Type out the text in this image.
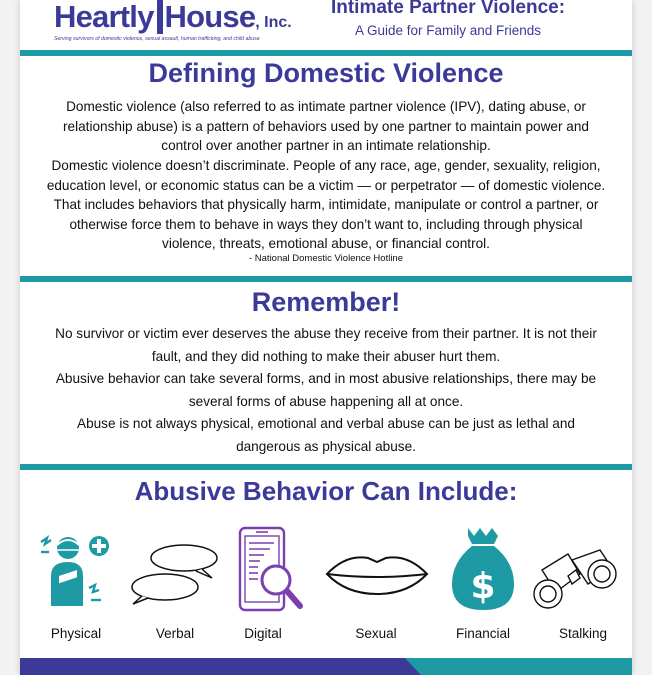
Heartly House, Inc.
Serving survivors of domestic violence, sexual assault, human trafficking, and child abuse
Intimate Partner Violence:
A Guide for Family and Friends
Defining Domestic Violence
Domestic violence (also referred to as intimate partner violence (IPV), dating abuse, or relationship abuse) is a pattern of behaviors used by one partner to maintain power and control over another partner in an intimate relationship.
Domestic violence doesn’t discriminate. People of any race, age, gender, sexuality, religion, education level, or economic status can be a victim — or perpetrator — of domestic violence. That includes behaviors that physically harm, intimidate, manipulate or control a partner, or otherwise force them to behave in ways they don’t want to, including through physical violence, threats, emotional abuse, or financial control.
- National Domestic Violence Hotline
Remember!
No survivor or victim ever deserves the abuse they receive from their partner. It is not their fault, and they did nothing to make their abuser hurt them.
Abusive behavior can take several forms, and in most abusive relationships, there may be several forms of abuse happening all at once.
Abuse is not always physical, emotional and verbal abuse can be just as lethal and dangerous as physical abuse.
Abusive Behavior Can Include:
$
Physical	Verbal	Digital	Sexual	Financial	Stalking
